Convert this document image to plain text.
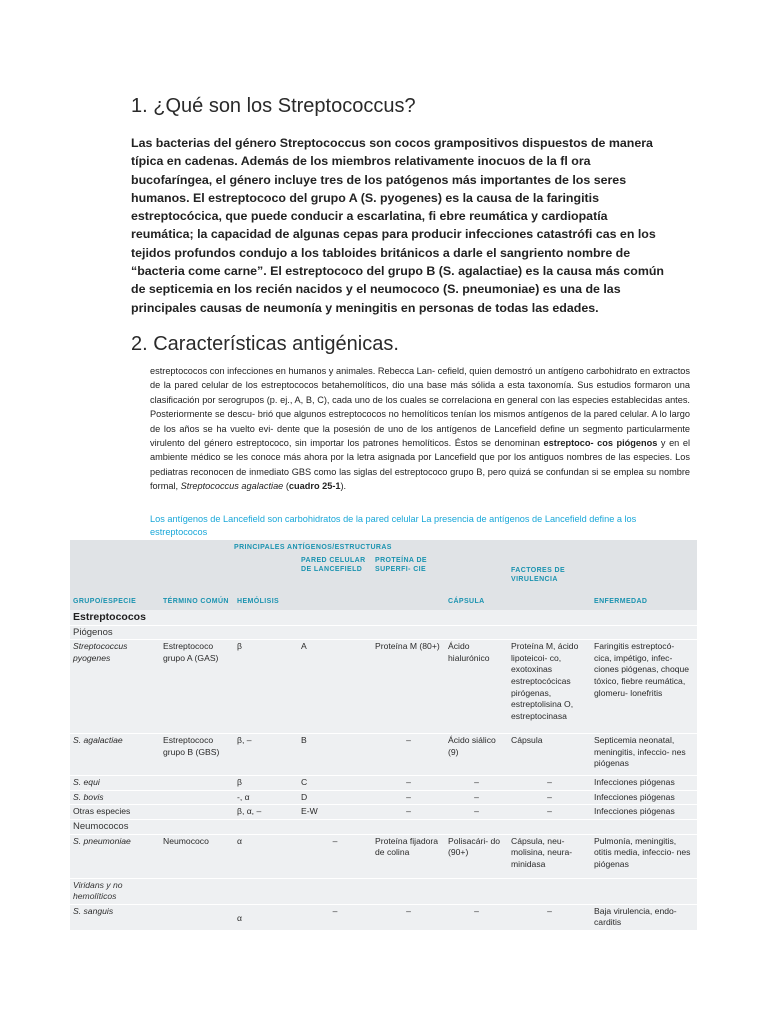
1. ¿Qué son los Streptococcus?

Las bacterias del género Streptococcus son cocos grampositivos dispuestos de manera típica en cadenas. Además de los miembros relativamente inocuos de la fl ora bucofaríngea, el género incluye tres de los patógenos más importantes de los seres humanos. El estreptococo del grupo A (S. pyogenes) es la causa de la faringitis estreptocócica, que puede conducir a escarlatina, fi ebre reumática y cardiopatía reumática; la capacidad de algunas cepas para producir infecciones catastrófi cas en los tejidos profundos condujo a los tabloides británicos a darle el sangriento nombre de “bacteria come carne”. El estreptococo del grupo B (S. agalactiae) es la causa más común de septicemia en los recién nacidos y el neumococo (S. pneumoniae) es una de las principales causas de neumonía y meningitis en personas de todas las edades.

2. Características antigénicas.

estreptococos con infecciones en humanos y animales. Rebecca Lan- cefield, quien demostró un antígeno carbohidrato en extractos de la pared celular de los estreptococos betahemolíticos, dio una base más sólida a esta taxonomía. Sus estudios formaron una clasificación por serogrupos (p. ej., A, B, C), cada uno de los cuales se correlaciona en general con las especies establecidas antes. Posteriormente se descu- brió que algunos estreptococos no hemolíticos tenían los mismos antígenos de la pared celular. A lo largo de los años se ha vuelto evi- dente que la posesión de uno de los antígenos de Lancefield define un segmento particularmente virulento del género estreptococo, sin importar los patrones hemolíticos. Éstos se denominan estreptoco- cos piógenos y en el ambiente médico se les conoce más ahora por la letra asignada por Lancefield que por los antiguos nombres de las especies. Los pediatras reconocen de inmediato GBS como las siglas del estreptococo grupo B, pero quizá se confundan si se emplea su nombre formal, Streptococcus agalactiae (cuadro 25-1).

Los antígenos de Lancefield son carbohidratos de la pared celular La presencia de antígenos de Lancefield define a los estreptococos

		PRINCIPALES ANTÍGENOS/ESTRUCTURAS					
GRUPO/ESPECIE	TÉRMINO COMÚN	HEMÓLISIS	PARED CELULAR DE LANCEFIELD	PROTEÍNA DE SUPERFI- CIE	CÁPSULA	FACTORES DE VIRULENCIA	ENFERMEDAD
Estreptococos							
Piógenos							
Streptococcus pyogenes	Estreptococo grupo A (GAS)	β	A	Proteína M (80+)	Ácido hialurónico	Proteína M, ácido lipoteicoi- co, exotoxinas estreptocócicas pirógenas, estreptolisina O, estreptocinasa	Faringitis estreptocó- cica, impétigo, infec- ciones piógenas, choque tóxico, fiebre reumática, glomeru- lonefritis
S. agalactiae	Estreptococo grupo B (GBS)	β, –	B	–	Ácido siálico (9)	Cápsula	Septicemia neonatal, meningitis, infeccio- nes piógenas
S. equi		β	C	–	–	–	Infecciones piógenas
S. bovis		-, α	D	–	–	–	Infecciones piógenas
Otras especies		β, α, –	E-W	–	–	–	Infecciones piógenas
Neumococos							
S. pneumoniae	Neumococo	α	–	Proteína fijadora de colina	Polisacári- do (90+)	Cápsula, neu- molisina, neura- minidasa	Pulmonía, meningitis, otitis media, infeccio- nes piógenas

Viridans y no hemolíticos							

S. sanguis		α	–	–	–	–	Baja virulencia, endo- carditis
